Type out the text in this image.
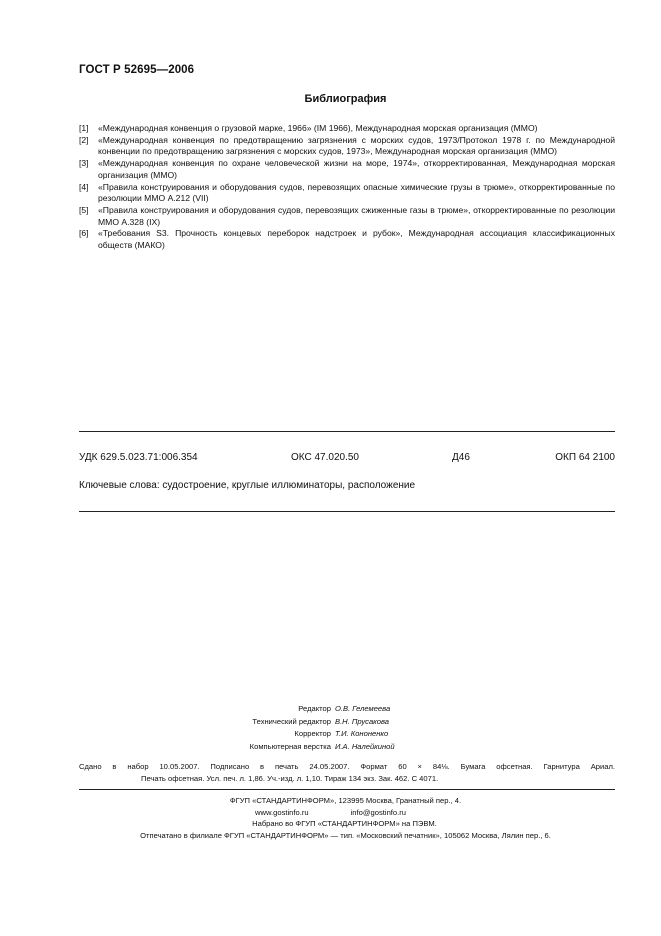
ГОСТ Р 52695—2006
Библиография
[1]	«Международная конвенция о грузовой марке, 1966» (IM 1966), Международная морская организация (ММО)
[2]	«Международная конвенция по предотвращению загрязнения с морских судов, 1973/Протокол 1978 г. по Международной конвенции по предотвращению загрязнения с морских судов, 1973», Международная морская организация (ММО)
[3]	«Международная конвенция по охране человеческой жизни на море, 1974», откорректированная, Международная морская организация (ММО)
[4]	«Правила конструирования и оборудования судов, перевозящих опасные химические грузы в трюме», откорректированные по резолюции ММО А.212 (VII)
[5]	«Правила конструирования и оборудования судов, перевозящих сжиженные газы в трюме», откорректированные по резолюции ММО А.328 (IX)
[6]	«Требования S3. Прочность концевых переборок надстроек и рубок», Международная ассоциация классификационных обществ (МАКО)
УДК 629.5.023.71:006.354	ОКС 47.020.50	Д46	ОКП 64 2100
Ключевые слова: судостроение, круглые иллюминаторы, расположение
Редактор О.В. Гелемеева
Технический редактор В.Н. Прусакова
Корректор Т.И. Кононенко
Компьютерная верстка И.А. Налейкиной
Сдано в набор 10.05.2007. Подписано в печать 24.05.2007. Формат 60 × 84⅛. Бумага офсетная. Гарнитура Ариал.
Печать офсетная. Усл. печ. л. 1,86. Уч.-изд. л. 1,10. Тираж 134 экз. Зак. 462. С 4071.
ФГУП «СТАНДАРТИНФОРМ», 123995 Москва, Гранатный пер., 4.
www.gostinfo.ru	info@gostinfo.ru
Набрано во ФГУП «СТАНДАРТИНФОРМ» на ПЭВМ.
Отпечатано в филиале ФГУП «СТАНДАРТИНФОРМ» — тип. «Московский печатник», 105062 Москва, Лялин пер., 6.
